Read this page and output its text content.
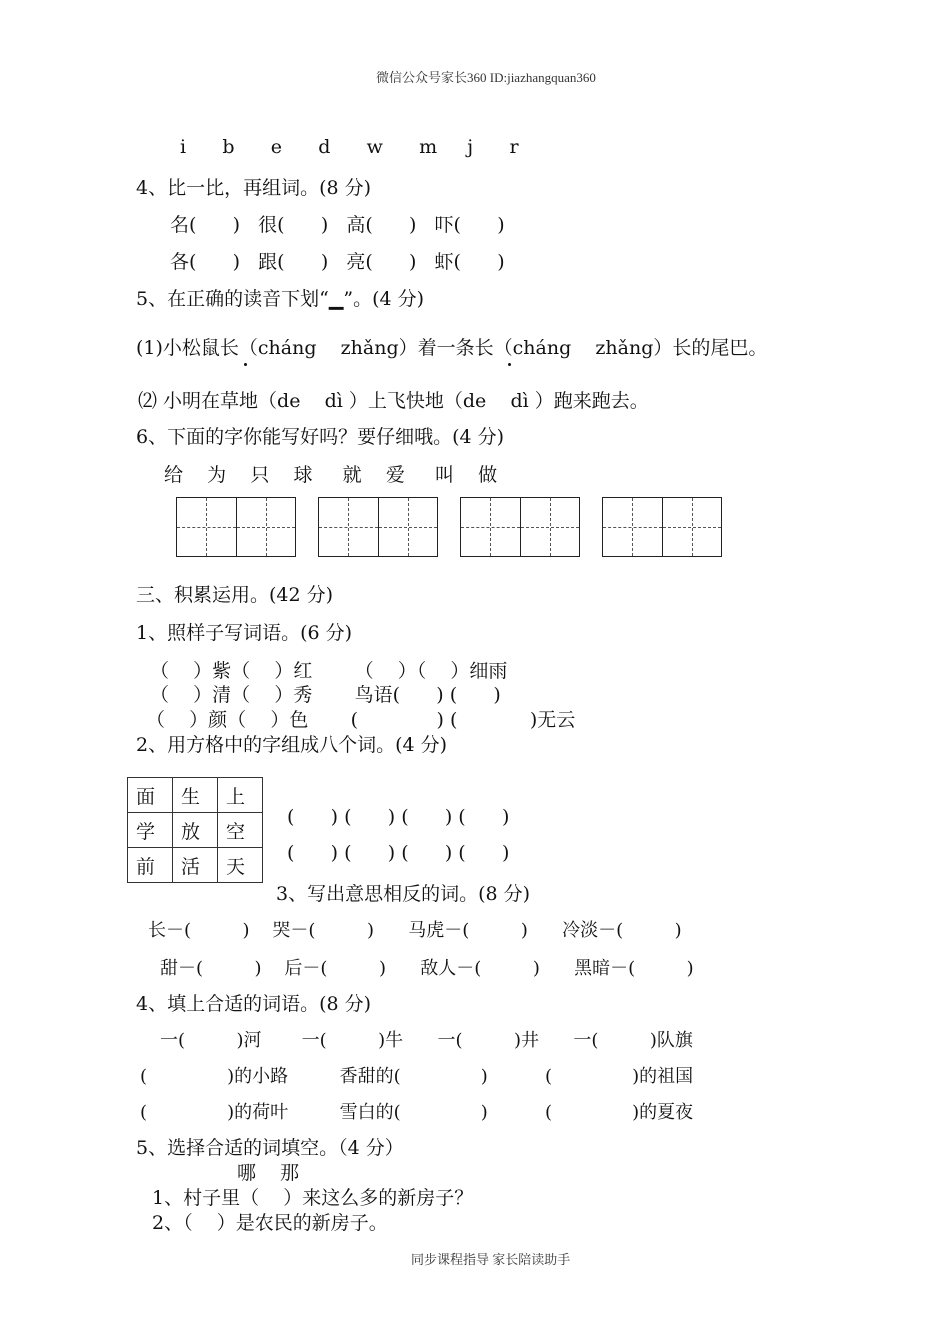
微信公众号家长360 ID:jiazhangquan360
i      b      e      d      w      m     j      r
4、比一比，再组词。(8 分)
名(      )   很(      )   高(      )   吓(      )
各(      )   跟(      )   亮(      )   虾(      )
5、在正确的读音下划“▁”。(4 分)
(1)小松鼠长（cháng    zhǎng）着一条长（cháng    zhǎng）长的尾巴。
⑵ 小明在草地（de    dì ）上飞快地（de    dì ）跑来跑去。
6、下面的字你能写好吗？要仔细哦。(4 分)
给    为    只    球     就    爱     叫    做
三、积累运用。(42 分)
1、照样子写词语。(6 分)
（    ）紫（    ）红       （    ）（    ）细雨
（    ）清（    ）秀       鸟语(      ) (      )
（    ）颜（    ）色       (             ) (            )无云
2、用方格中的字组成八个词。(4 分)
面	生	上
学	放	空
前	活	天
(      ) (      ) (      ) (      )
(      ) (      ) (      ) (      )
3、写出意思相反的词。(8 分)
长－(         )    哭－(         )      马虎－(         )      冷淡－(         )
甜－(         )    后－(         )      敌人－(         )      黑暗－(         )
4、填上合适的词语。(8 分)
一(         )河       一(         )牛      一(         )井      一(         )队旗
(              )的小路         香甜的(              )          (              )的祖国
(              )的荷叶         雪白的(              )          (              )的夏夜
5、选择合适的词填空。（4 分）
哪    那
1、村子里（    ）来这么多的新房子？
2、（    ）是农民的新房子。
同步课程指导 家长陪读助手
